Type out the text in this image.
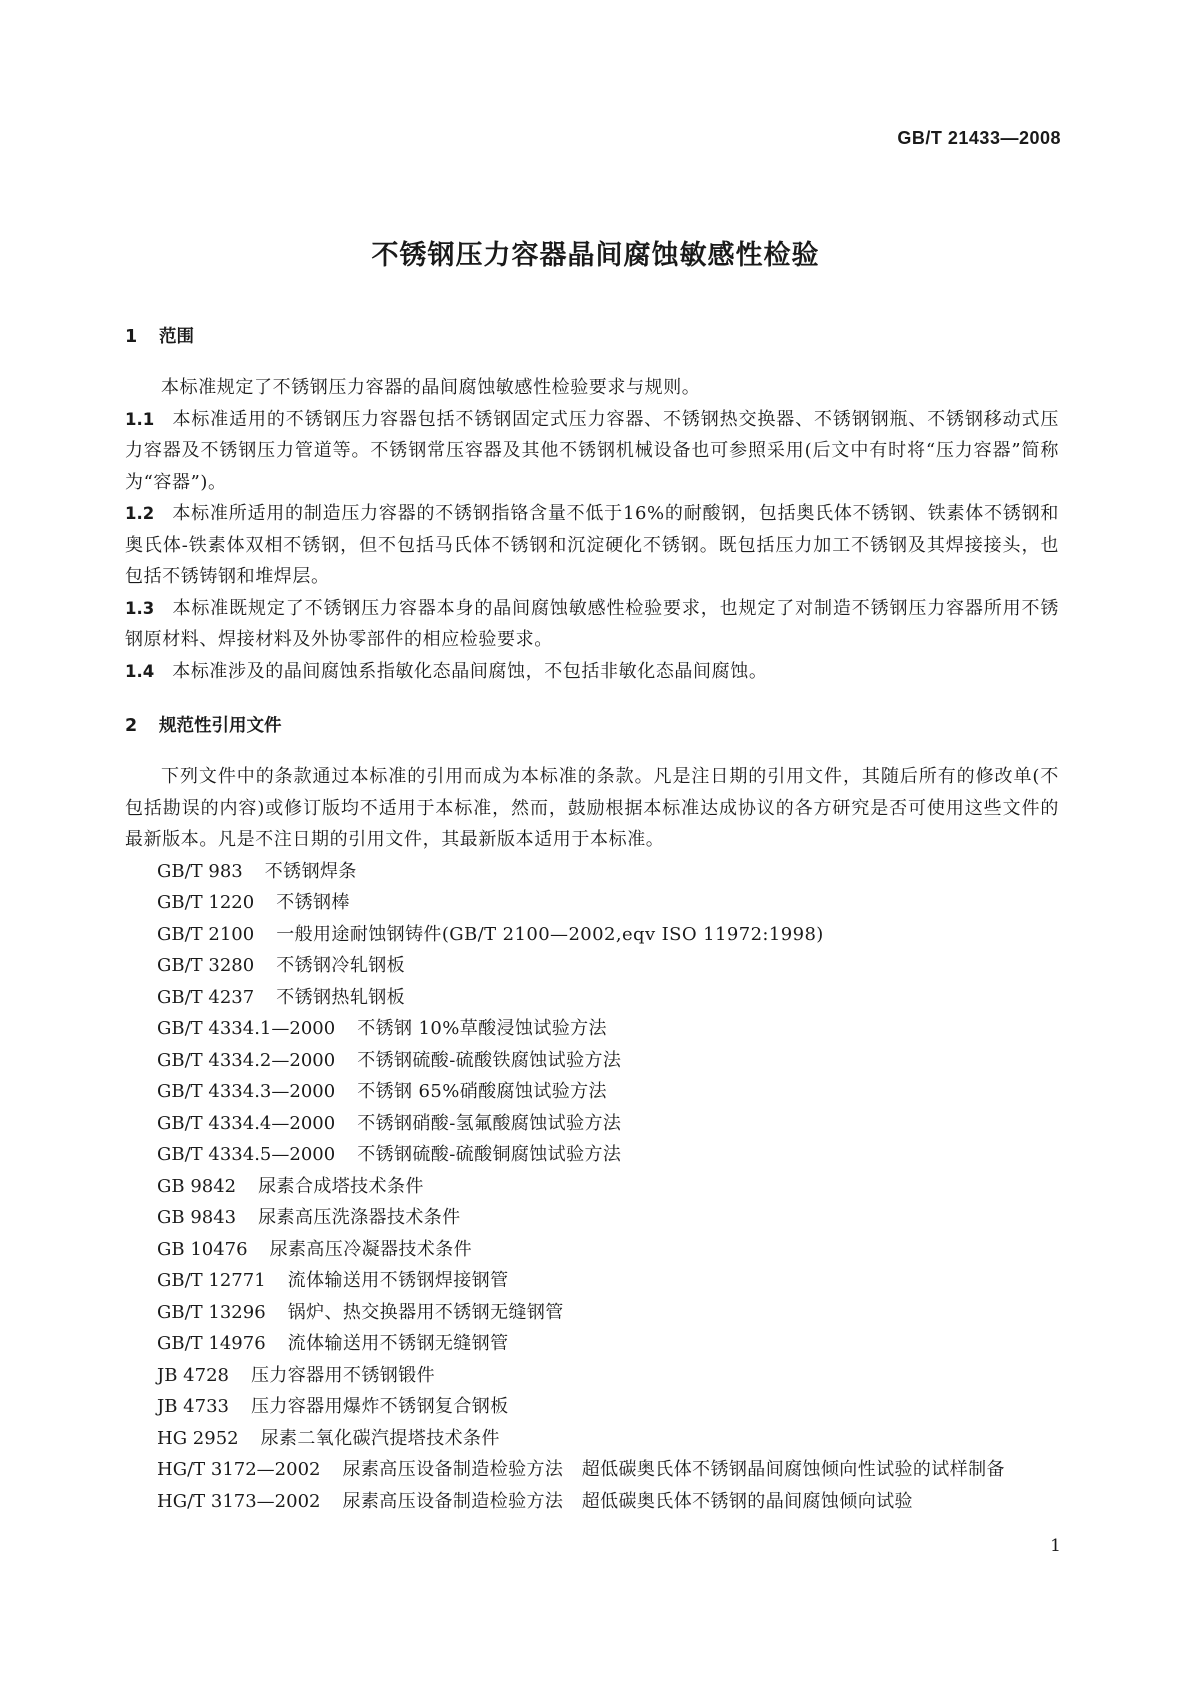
GB/T 21433—2008
不锈钢压力容器晶间腐蚀敏感性检验
1 范围
本标准规定了不锈钢压力容器的晶间腐蚀敏感性检验要求与规则。
1.1 本标准适用的不锈钢压力容器包括不锈钢固定式压力容器、不锈钢热交换器、不锈钢钢瓶、不锈钢移动式压力容器及不锈钢压力管道等。不锈钢常压容器及其他不锈钢机械设备也可参照采用(后文中有时将“压力容器”简称为“容器”)。
1.2 本标准所适用的制造压力容器的不锈钢指铬含量不低于16%的耐酸钢，包括奥氏体不锈钢、铁素体不锈钢和奥氏体-铁素体双相不锈钢，但不包括马氏体不锈钢和沉淀硬化不锈钢。既包括压力加工不锈钢及其焊接接头，也包括不锈铸钢和堆焊层。
1.3 本标准既规定了不锈钢压力容器本身的晶间腐蚀敏感性检验要求，也规定了对制造不锈钢压力容器所用不锈钢原材料、焊接材料及外协零部件的相应检验要求。
1.4 本标准涉及的晶间腐蚀系指敏化态晶间腐蚀，不包括非敏化态晶间腐蚀。
2 规范性引用文件
下列文件中的条款通过本标准的引用而成为本标准的条款。凡是注日期的引用文件，其随后所有的修改单(不包括勘误的内容)或修订版均不适用于本标准，然而，鼓励根据本标准达成协议的各方研究是否可使用这些文件的最新版本。凡是不注日期的引用文件，其最新版本适用于本标准。
GB/T 983 不锈钢焊条
GB/T 1220 不锈钢棒
GB/T 2100 一般用途耐蚀钢铸件(GB/T 2100—2002,eqv ISO 11972:1998)
GB/T 3280 不锈钢冷轧钢板
GB/T 4237 不锈钢热轧钢板
GB/T 4334.1—2000 不锈钢 10%草酸浸蚀试验方法
GB/T 4334.2—2000 不锈钢硫酸-硫酸铁腐蚀试验方法
GB/T 4334.3—2000 不锈钢 65%硝酸腐蚀试验方法
GB/T 4334.4—2000 不锈钢硝酸-氢氟酸腐蚀试验方法
GB/T 4334.5—2000 不锈钢硫酸-硫酸铜腐蚀试验方法
GB 9842 尿素合成塔技术条件
GB 9843 尿素高压洗涤器技术条件
GB 10476 尿素高压冷凝器技术条件
GB/T 12771 流体输送用不锈钢焊接钢管
GB/T 13296 锅炉、热交换器用不锈钢无缝钢管
GB/T 14976 流体输送用不锈钢无缝钢管
JB 4728 压力容器用不锈钢锻件
JB 4733 压力容器用爆炸不锈钢复合钢板
HG 2952 尿素二氧化碳汽提塔技术条件
HG/T 3172—2002 尿素高压设备制造检验方法　超低碳奥氏体不锈钢晶间腐蚀倾向性试验的试样制备
HG/T 3173—2002 尿素高压设备制造检验方法　超低碳奥氏体不锈钢的晶间腐蚀倾向试验
1
